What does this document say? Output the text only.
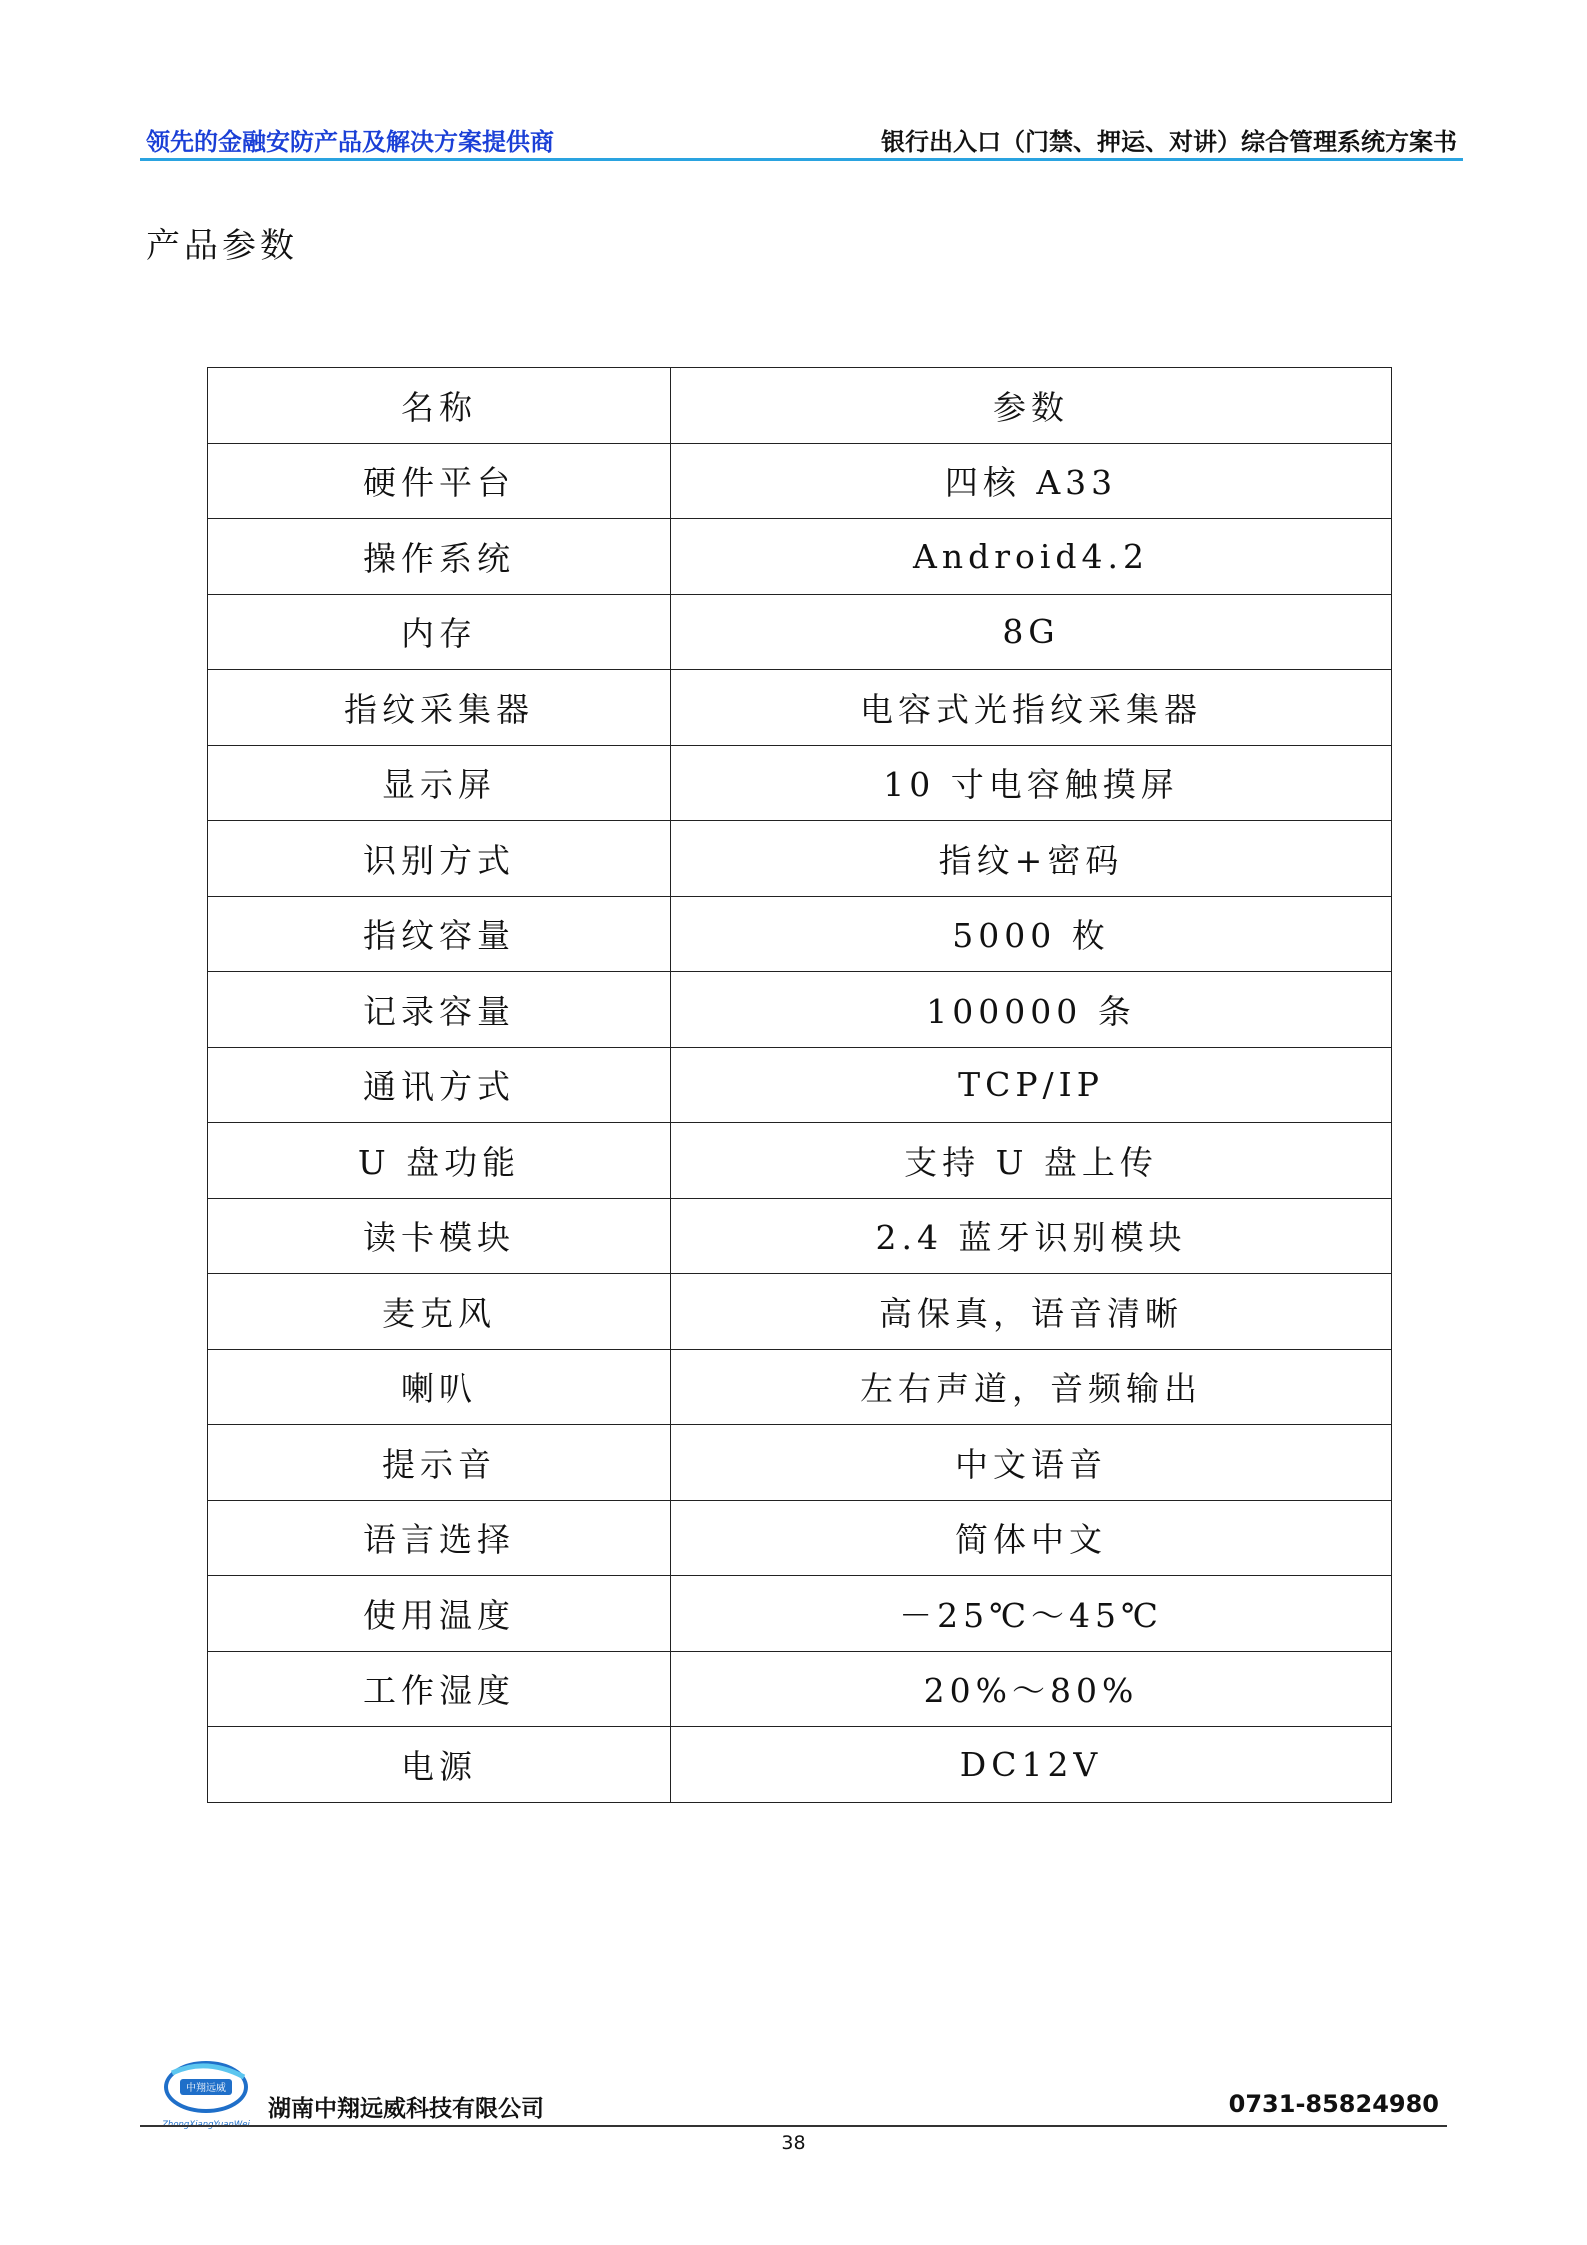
领先的金融安防产品及解决方案提供商	银行出入口（门禁、押运、对讲）综合管理系统方案书
产品参数
名称	参数
硬件平台	四核 A33
操作系统	Android4.2
内存	8G
指纹采集器	电容式光指纹采集器
显示屏	10 寸电容触摸屏
识别方式	指纹+密码
指纹容量	5000 枚
记录容量	100000 条
通讯方式	TCP/IP
U 盘功能	支持 U 盘上传
读卡模块	2.4 蓝牙识别模块
麦克风	高保真，语音清晰
喇叭	左右声道，音频输出
提示音	中文语音
语言选择	简体中文
使用温度	－25℃～45℃
工作湿度	20%～80%
电源	DC12V
中翔远威
湖南中翔远威科技有限公司	0731-85824980
38
